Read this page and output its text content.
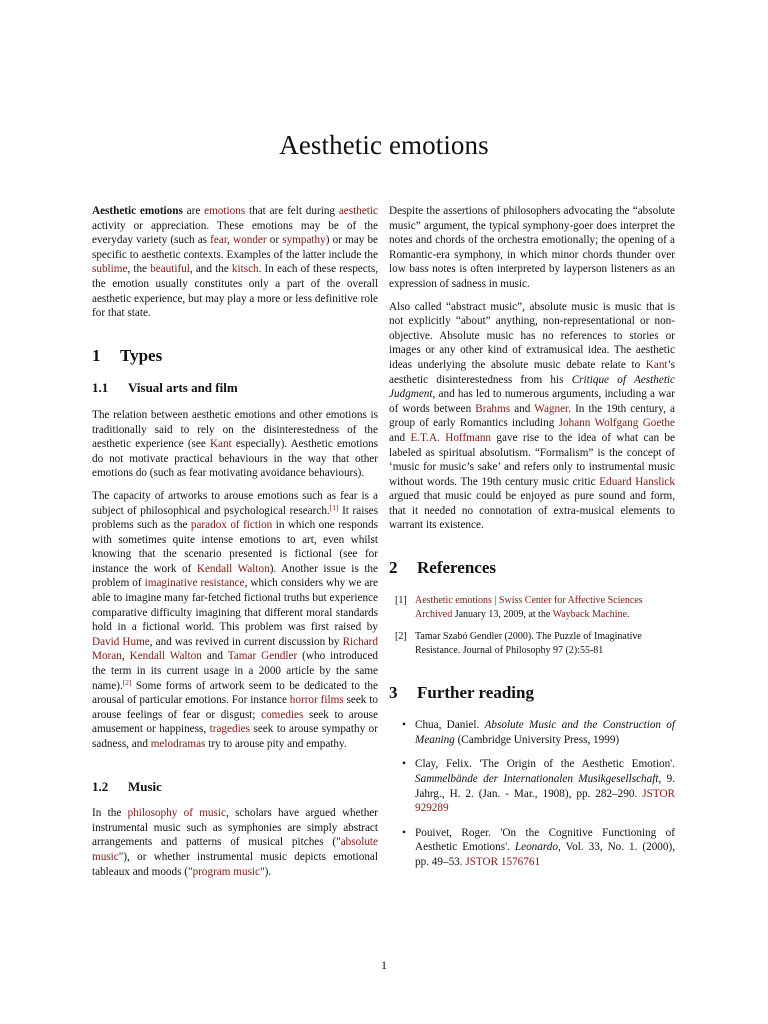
Aesthetic emotions

Aesthetic emotions are emotions that are felt during aesthetic activity or appreciation. These emotions may be of the everyday variety (such as fear, wonder or sympathy) or may be specific to aesthetic contexts. Examples of the latter include the sublime, the beautiful, and the kitsch. In each of these respects, the emotion usually constitutes only a part of the overall aesthetic experience, but may play a more or less definitive role for that state.

1 Types
1.1 Visual arts and film

The relation between aesthetic emotions and other emotions is traditionally said to rely on the disinterestedness of the aesthetic experience (see Kant especially). Aesthetic emotions do not motivate practical behaviours in the way that other emotions do (such as fear motivating avoidance behaviours).

The capacity of artworks to arouse emotions such as fear is a subject of philosophical and psychological research.[1] It raises problems such as the paradox of fiction in which one responds with sometimes quite intense emotions to art, even whilst knowing that the scenario presented is fictional (see for instance the work of Kendall Walton). Another issue is the problem of imaginative resistance, which considers why we are able to imagine many far-fetched fictional truths but experience comparative difficulty imagining that different moral standards hold in a fictional world. This problem was first raised by David Hume, and was revived in current discussion by Richard Moran, Kendall Walton and Tamar Gendler (who introduced the term in its current usage in a 2000 article by the same name).[2] Some forms of artwork seem to be dedicated to the arousal of particular emotions. For instance horror films seek to arouse feelings of fear or disgust; comedies seek to arouse amusement or happiness, tragedies seek to arouse sympathy or sadness, and melodramas try to arouse pity and empathy.

1.2 Music

In the philosophy of music, scholars have argued whether instrumental music such as symphonies are simply abstract arrangements and patterns of musical pitches ("absolute music"), or whether instrumental music depicts emotional tableaux and moods ("program music").

Despite the assertions of philosophers advocating the “absolute music” argument, the typical symphony-goer does interpret the notes and chords of the orchestra emotionally; the opening of a Romantic-era symphony, in which minor chords thunder over low bass notes is often interpreted by layperson listeners as an expression of sadness in music.

Also called “abstract music”, absolute music is music that is not explicitly “about” anything, non-representational or non-objective. Absolute music has no references to stories or images or any other kind of extramusical idea. The aesthetic ideas underlying the absolute music debate relate to Kant’s aesthetic disinterestedness from his Critique of Aesthetic Judgment, and has led to numerous arguments, including a war of words between Brahms and Wagner. In the 19th century, a group of early Romantics including Johann Wolfgang Goethe and E.T.A. Hoffmann gave rise to the idea of what can be labeled as spiritual absolutism. “Formalism” is the concept of ‘music for music’s sake’ and refers only to instrumental music without words. The 19th century music critic Eduard Hanslick argued that music could be enjoyed as pure sound and form, that it needed no connotation of extra-musical elements to warrant its existence.

2 References
[1] Aesthetic emotions | Swiss Center for Affective Sciences Archived January 13, 2009, at the Wayback Machine.
[2] Tamar Szabó Gendler (2000). The Puzzle of Imaginative Resistance. Journal of Philosophy 97 (2):55-81
3 Further reading
• Chua, Daniel. Absolute Music and the Construction of Meaning (Cambridge University Press, 1999)
• Clay, Felix. 'The Origin of the Aesthetic Emotion'. Sammelbände der Internationalen Musikgesellschaft, 9. Jahrg., H. 2. (Jan. - Mar., 1908), pp. 282–290. JSTOR 929289
• Pouivet, Roger. 'On the Cognitive Functioning of Aesthetic Emotions'. Leonardo, Vol. 33, No. 1. (2000), pp. 49–53. JSTOR 1576761
1
